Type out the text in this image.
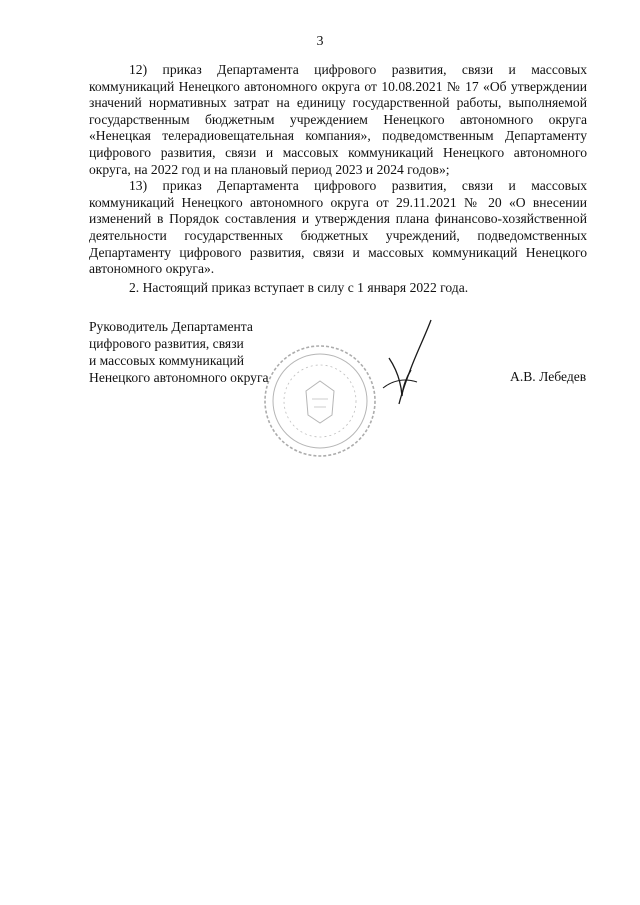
3

12) приказ Департамента цифрового развития, связи и массовых коммуникаций Ненецкого автономного округа от 10.08.2021 № 17 «Об утверждении значений нормативных затрат на единицу государственной работы, выполняемой государственным бюджетным учреждением Ненецкого автономного округа «Ненецкая телерадиовещательная компания», подведомственным Департаменту цифрового развития, связи и массовых коммуникаций Ненецкого автономного округа, на 2022 год и на плановый период 2023 и 2024 годов»;

13) приказ Департамента цифрового развития, связи и массовых коммуникаций Ненецкого автономного округа от 29.11.2021 № 20 «О внесении изменений в Порядок составления и утверждения плана финансово-хозяйственной деятельности государственных бюджетных учреждений, подведомственных Департаменту цифрового развития, связи и массовых коммуникаций Ненецкого автономного округа».

2. Настоящий приказ вступает в силу с 1 января 2022 года.

Руководитель Департамента
цифрового развития, связи
и массовых коммуникаций
Ненецкого автономного округа	А.В. Лебедев
